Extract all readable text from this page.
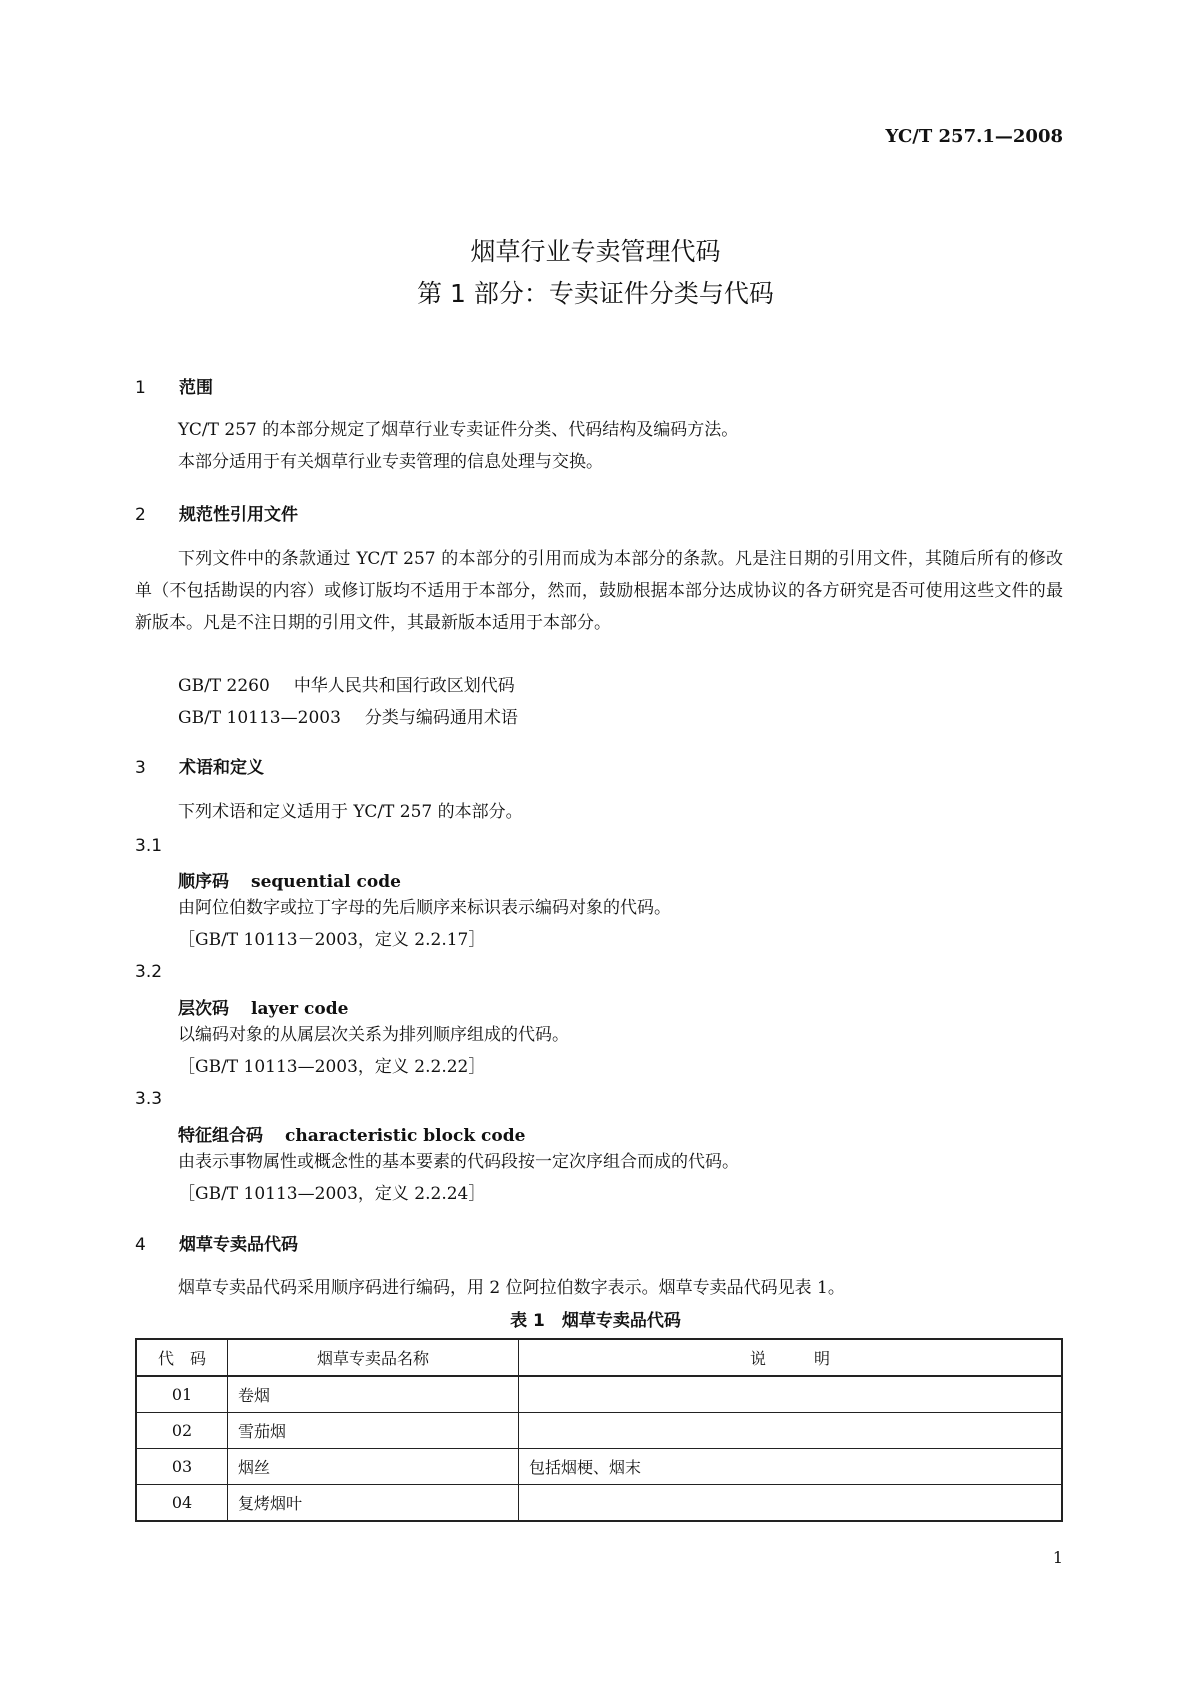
YC/T 257.1—2008
烟草行业专卖管理代码
第 1 部分：专卖证件分类与代码
1 范围
YC/T 257 的本部分规定了烟草行业专卖证件分类、代码结构及编码方法。
本部分适用于有关烟草行业专卖管理的信息处理与交换。
2 规范性引用文件
下列文件中的条款通过 YC/T 257 的本部分的引用而成为本部分的条款。凡是注日期的引用文件，其随后所有的修改单（不包括勘误的内容）或修订版均不适用于本部分，然而，鼓励根据本部分达成协议的各方研究是否可使用这些文件的最新版本。凡是不注日期的引用文件，其最新版本适用于本部分。
GB/T 2260 中华人民共和国行政区划代码
GB/T 10113—2003 分类与编码通用术语
3 术语和定义
下列术语和定义适用于 YC/T 257 的本部分。
3.1
顺序码 sequential code
由阿位伯数字或拉丁字母的先后顺序来标识表示编码对象的代码。
［GB/T 10113－2003，定义 2.2.17］
3.2
层次码 layer code
以编码对象的从属层次关系为排列顺序组成的代码。
［GB/T 10113—2003，定义 2.2.22］
3.3
特征组合码 characteristic block code
由表示事物属性或概念性的基本要素的代码段按一定次序组合而成的代码。
［GB/T 10113—2003，定义 2.2.24］
4 烟草专卖品代码
烟草专卖品代码采用顺序码进行编码，用 2 位阿拉伯数字表示。烟草专卖品代码见表 1。
表 1　烟草专卖品代码
代　码	烟草专卖品名称	说　　　明
01	卷烟	
02	雪茄烟	
03	烟丝	包括烟梗、烟末
04	复烤烟叶	
1
